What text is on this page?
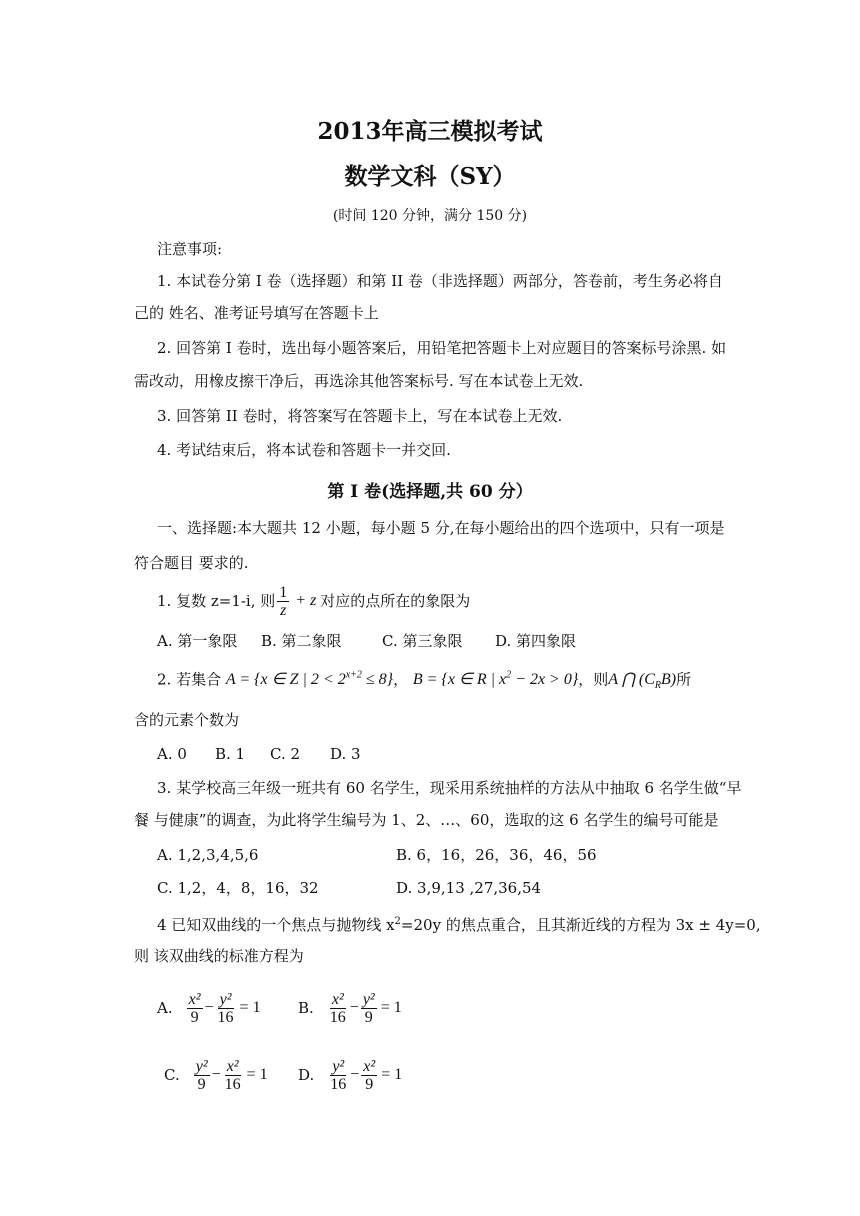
2013年高三模拟考试
数学文科（SY）
(时间 120 分钟，满分 150 分)
注意事项:
1. 本试卷分第 I 卷（选择题）和第 II 卷（非选择题）两部分，答卷前，考生务必将自
己的 姓名、准考证号填写在答题卡上
2. 回答第 I 卷时，选出每小题答案后，用铅笔把答题卡上对应题目的答案标号涂黑. 如
需改动，用橡皮擦干净后，再选涂其他答案标号. 写在本试卷上无效.
3. 回答第 II 卷时，将答案写在答题卡上，写在本试卷上无效.
4. 考试结束后，将本试卷和答题卡一并交回.
第 I 卷(选择题,共 60 分）
一、选择题:本大题共 12 小题，每小题 5 分,在每小题给出的四个选项中，只有一项是
符合题目 要求的.
1. 复数 z=1-i, 则 $\frac{1}{z} + z$ 对应的点所在的象限为
A. 第一象限 B. 第二象限	C. 第三象限 D. 第四象限
2. 若集合 A = {x ∈ Z | $2 < 2^{x+2} \le 8$}， B = {x ∈ R | $x^2 - 2x > 0$}，则A ⋂ $(C_RB)$所
含的元素个数为
A. 0 B. 1 C. 2 D. 3
3. 某学校高三年级一班共有 60 名学生，现采用系统抽样的方法从中抽取 6 名学生做“早
餐 与健康”的调查，为此将学生编号为 1、2、…、60，选取的这 6 名学生的编号可能是
A. 1,2,3,4,5,6	B. 6，16，26，36，46，56
C. 1,2，4，8，16，32	D. 3,9,13 ,27,36,54
4 已知双曲线的一个焦点与抛物线 $x^2=20y$ 的焦点重合，且其渐近线的方程为 3x ± 4y=0,
则 该双曲线的标准方程为
A. $\frac{\text{x²}}{9} - \frac{\text{y²}}{16} = 1$ B. $\frac{\text{x²}}{16} - \frac{\text{y²}}{9} = 1$
C. $\frac{\text{y²}}{9} - \frac{\text{x²}}{16} = 1$ D. $\frac{\text{y²}}{16} - \frac{\text{x²}}{9} = 1$
